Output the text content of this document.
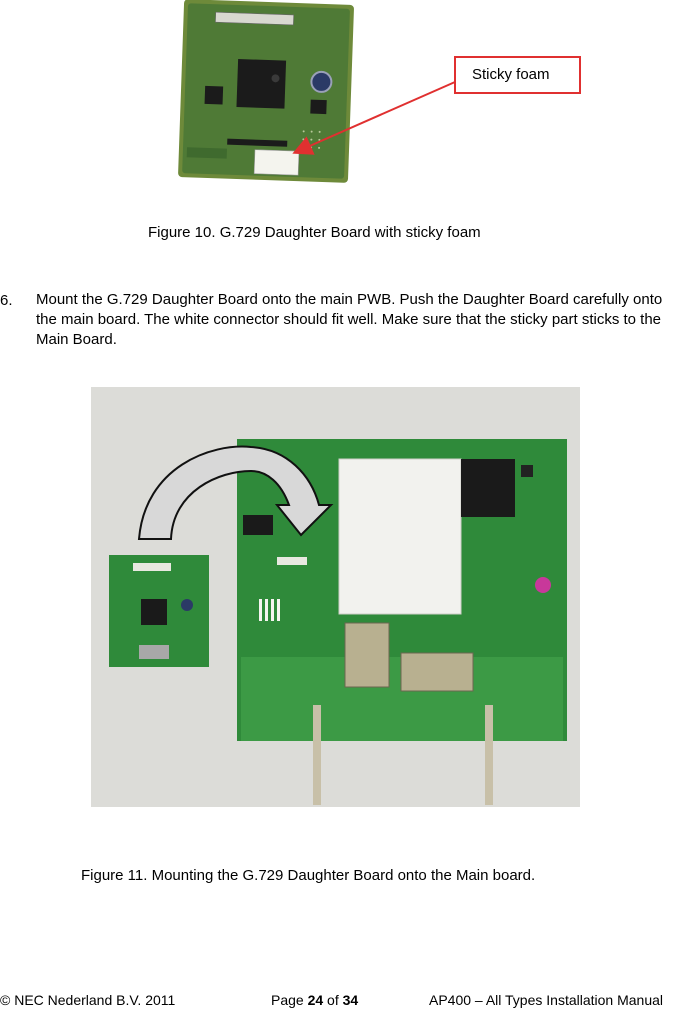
Sticky foam
Figure 10. G.729 Daughter Board with sticky foam
6. Mount the G.729 Daughter Board onto the main PWB. Push the Daughter Board carefully onto the main board. The white connector should fit well. Make sure that the sticky part sticks to the Main Board.
Figure 11. Mounting the G.729 Daughter Board onto the Main board.
© NEC Nederland B.V. 2011	Page 24 of 34	AP400 – All Types Installation Manual
